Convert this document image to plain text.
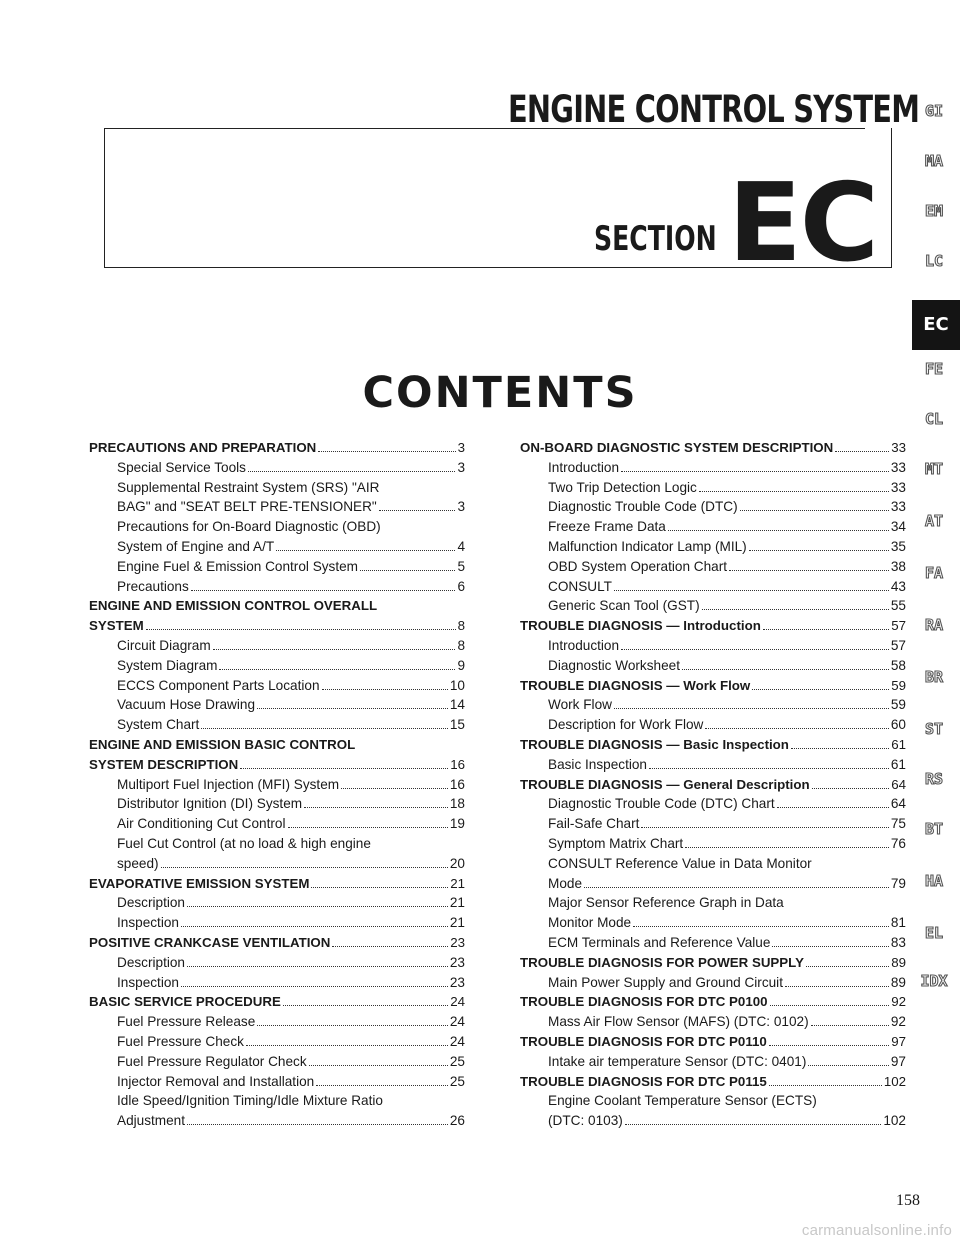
ENGINE CONTROL SYSTEM
SECTION EC
CONTENTS
PRECAUTIONS AND PREPARATION	3
Special Service Tools	3
Supplemental Restraint System (SRS) "AIR
BAG" and "SEAT BELT PRE-TENSIONER"	3
Precautions for On-Board Diagnostic (OBD)
System of Engine and A/T	4
Engine Fuel & Emission Control System	5
Precautions	6
ENGINE AND EMISSION CONTROL OVERALL
SYSTEM	8
Circuit Diagram	8
System Diagram	9
ECCS Component Parts Location	10
Vacuum Hose Drawing	14
System Chart	15
ENGINE AND EMISSION BASIC CONTROL
SYSTEM DESCRIPTION	16
Multiport Fuel Injection (MFI) System	16
Distributor Ignition (DI) System	18
Air Conditioning Cut Control	19
Fuel Cut Control (at no load & high engine
speed)	20
EVAPORATIVE EMISSION SYSTEM	21
Description	21
Inspection	21
POSITIVE CRANKCASE VENTILATION	23
Description	23
Inspection	23
BASIC SERVICE PROCEDURE	24
Fuel Pressure Release	24
Fuel Pressure Check	24
Fuel Pressure Regulator Check	25
Injector Removal and Installation	25
Idle Speed/Ignition Timing/Idle Mixture Ratio
Adjustment	26
ON-BOARD DIAGNOSTIC SYSTEM DESCRIPTION	33
Introduction	33
Two Trip Detection Logic	33
Diagnostic Trouble Code (DTC)	33
Freeze Frame Data	34
Malfunction Indicator Lamp (MIL)	35
OBD System Operation Chart	38
CONSULT	43
Generic Scan Tool (GST)	55
TROUBLE DIAGNOSIS — Introduction	57
Introduction	57
Diagnostic Worksheet	58
TROUBLE DIAGNOSIS — Work Flow	59
Work Flow	59
Description for Work Flow	60
TROUBLE DIAGNOSIS — Basic Inspection	61
Basic Inspection	61
TROUBLE DIAGNOSIS — General Description	64
Diagnostic Trouble Code (DTC) Chart	64
Fail-Safe Chart	75
Symptom Matrix Chart	76
CONSULT Reference Value in Data Monitor
Mode	79
Major Sensor Reference Graph in Data
Monitor Mode	81
ECM Terminals and Reference Value	83
TROUBLE DIAGNOSIS FOR POWER SUPPLY	89
Main Power Supply and Ground Circuit	89
TROUBLE DIAGNOSIS FOR DTC P0100	92
Mass Air Flow Sensor (MAFS) (DTC: 0102)	92
TROUBLE DIAGNOSIS FOR DTC P0110	97
Intake air temperature Sensor (DTC: 0401)	97
TROUBLE DIAGNOSIS FOR DTC P0115	102
Engine Coolant Temperature Sensor (ECTS)
(DTC: 0103)	102
GI
MA
EM
LC
EC
FE
CL
MT
AT
FA
RA
BR
ST
RS
BT
HA
EL
IDX
158
carmanualsonline.info
